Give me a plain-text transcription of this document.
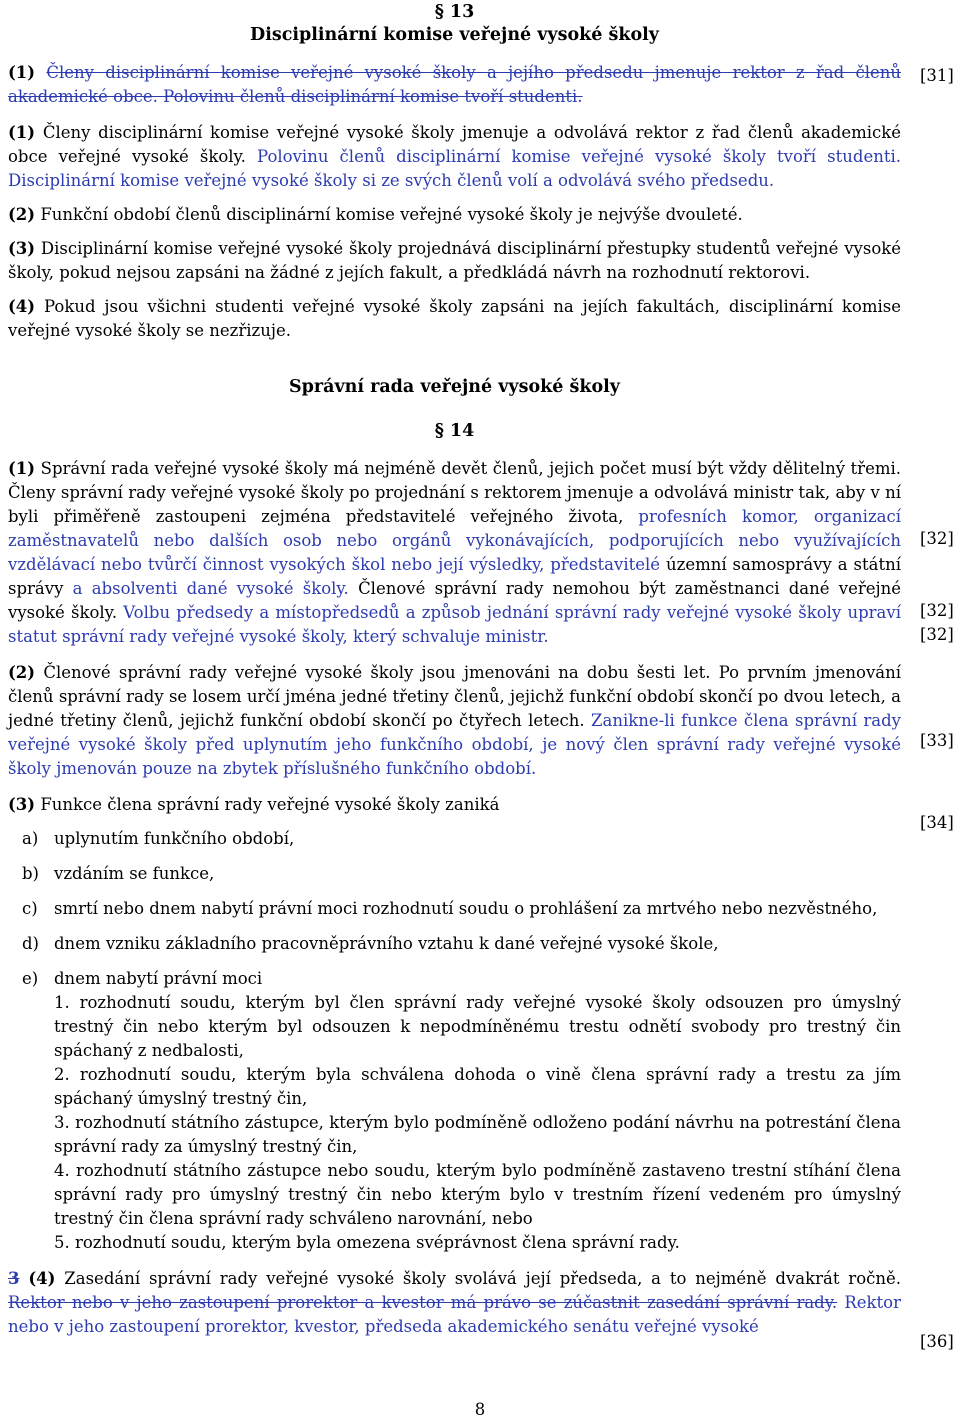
§ 13

Disciplinární komise veřejné vysoké školy

(1) Členy disciplinární komise veřejné vysoké školy a jejího předsedu jmenuje rektor z řad členů akademické obce. Polovinu členů disciplinární komise tvoří studenti.

(1) Členy disciplinární komise veřejné vysoké školy jmenuje a odvolává rektor z řad členů akademické obce veřejné vysoké školy. Polovinu členů disciplinární komise veřejné vysoké školy tvoří studenti. Disciplinární komise veřejné vysoké školy si ze svých členů volí a odvolává svého předsedu.

(2) Funkční období členů disciplinární komise veřejné vysoké školy je nejvýše dvouleté.

(3) Disciplinární komise veřejné vysoké školy projednává disciplinární přestupky studentů veřejné vysoké školy, pokud nejsou zapsáni na žádné z jejích fakult, a předkládá návrh na rozhodnutí rektorovi.

(4) Pokud jsou všichni studenti veřejné vysoké školy zapsáni na jejích fakultách, disciplinární komise veřejné vysoké školy se nezřizuje.

Správní rada veřejné vysoké školy

§ 14

(1) Správní rada veřejné vysoké školy má nejméně devět členů, jejich počet musí být vždy dělitelný třemi. Členy správní rady veřejné vysoké školy po projednání s rektorem jmenuje a odvolává ministr tak, aby v ní byli přiměřeně zastoupeni zejména představitelé veřejného života, profesních komor, organizací zaměstnavatelů nebo dalších osob nebo orgánů vykonávajících, podporujících nebo využívajících vzdělávací nebo tvůrčí činnost vysokých škol nebo její výsledky, představitelé územní samosprávy a státní správy a absolventi dané vysoké školy. Členové správní rady nemohou být zaměstnanci dané veřejné vysoké školy. Volbu předsedy a místopředsedů a způsob jednání správní rady veřejné vysoké školy upraví statut správní rady veřejné vysoké školy, který schvaluje ministr.

(2) Členové správní rady veřejné vysoké školy jsou jmenováni na dobu šesti let. Po prvním jmenování členů správní rady se losem určí jména jedné třetiny členů, jejichž funkční období skončí po dvou letech, a jedné třetiny členů, jejichž funkční období skončí po čtyřech letech. Zanikne-li funkce člena správní rady veřejné vysoké školy před uplynutím jeho funkčního období, je nový člen správní rady veřejné vysoké školy jmenován pouze na zbytek příslušného funkčního období.

(3) Funkce člena správní rady veřejné vysoké školy zaniká

a) uplynutím funkčního období,

b) vzdáním se funkce,

c) smrtí nebo dnem nabytí právní moci rozhodnutí soudu o prohlášení za mrtvého nebo nezvěstného,

d) dnem vzniku základního pracovněprávního vztahu k dané veřejné vysoké škole,

e) dnem nabytí právní moci

1. rozhodnutí soudu, kterým byl člen správní rady veřejné vysoké školy odsouzen pro úmyslný trestný čin nebo kterým byl odsouzen k nepodmíněnému trestu odnětí svobody pro trestný čin spáchaný z nedbalosti,

2. rozhodnutí soudu, kterým byla schválena dohoda o vině člena správní rady a trestu za jím spáchaný úmyslný trestný čin,

3. rozhodnutí státního zástupce, kterým bylo podmíněně odloženo podání návrhu na potrestání člena správní rady za úmyslný trestný čin,

4. rozhodnutí státního zástupce nebo soudu, kterým bylo podmíněně zastaveno trestní stíhání člena správní rady pro úmyslný trestný čin nebo kterým bylo v trestním řízení vedeném pro úmyslný trestný čin člena správní rady schváleno narovnání, nebo

5. rozhodnutí soudu, kterým byla omezena svéprávnost člena správní rady.

3 (4) Zasedání správní rady veřejné vysoké školy svolává její předseda, a to nejméně dvakrát ročně. Rektor nebo v jeho zastoupení prorektor a kvestor má právo se zúčastnit zasedání správní rady. Rektor nebo v jeho zastoupení prorektor, kvestor, předseda akademického senátu veřejné vysoké

[31]
[32]
[32]
[32]
[33]
[34]
[36]
8
